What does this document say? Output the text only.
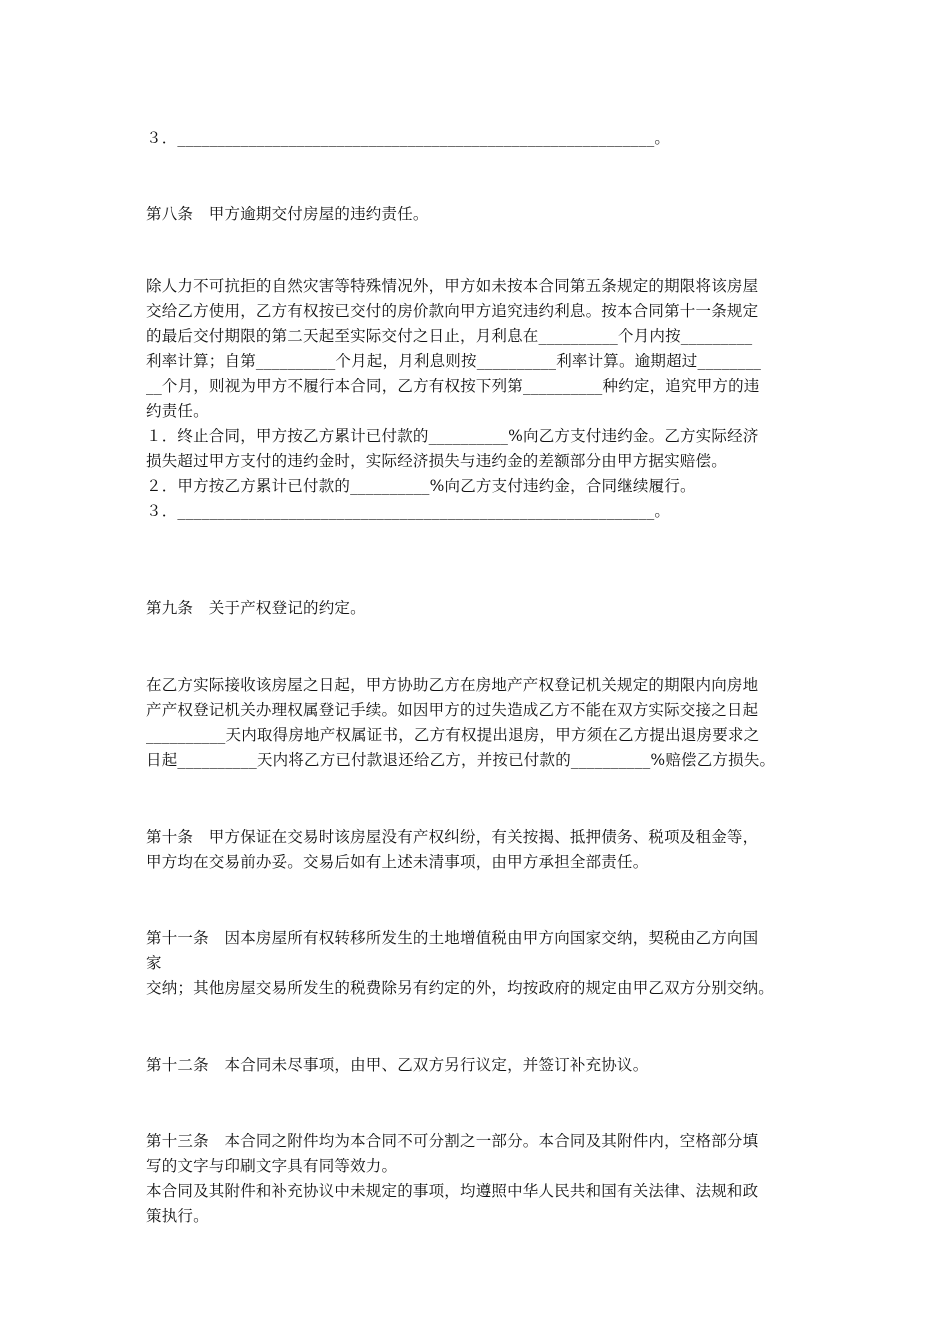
３．____________________________________________________________。
第八条　甲方逾期交付房屋的违约责任。
除人力不可抗拒的自然灾害等特殊情况外，甲方如未按本合同第五条规定的期限将该房屋
交给乙方使用，乙方有权按已交付的房价款向甲方追究违约利息。按本合同第十一条规定
的最后交付期限的第二天起至实际交付之日止，月利息在__________个月内按_________
利率计算；自第__________个月起，月利息则按__________利率计算。逾期超过________
__个月，则视为甲方不履行本合同，乙方有权按下列第__________种约定，追究甲方的违
约责任。
１．终止合同，甲方按乙方累计已付款的__________%向乙方支付违约金。乙方实际经济
损失超过甲方支付的违约金时，实际经济损失与违约金的差额部分由甲方据实赔偿。
２．甲方按乙方累计已付款的__________%向乙方支付违约金，合同继续履行。
３．____________________________________________________________。
第九条　关于产权登记的约定。
在乙方实际接收该房屋之日起，甲方协助乙方在房地产产权登记机关规定的期限内向房地
产产权登记机关办理权属登记手续。如因甲方的过失造成乙方不能在双方实际交接之日起
__________天内取得房地产权属证书，乙方有权提出退房，甲方须在乙方提出退房要求之
日起__________天内将乙方已付款退还给乙方，并按已付款的__________%赔偿乙方损失。
第十条　甲方保证在交易时该房屋没有产权纠纷，有关按揭、抵押债务、税项及租金等，
甲方均在交易前办妥。交易后如有上述未清事项，由甲方承担全部责任。
第十一条　因本房屋所有权转移所发生的土地增值税由甲方向国家交纳，契税由乙方向国
家
交纳；其他房屋交易所发生的税费除另有约定的外，均按政府的规定由甲乙双方分别交纳。
第十二条　本合同未尽事项，由甲、乙双方另行议定，并签订补充协议。
第十三条　本合同之附件均为本合同不可分割之一部分。本合同及其附件内，空格部分填
写的文字与印刷文字具有同等效力。
本合同及其附件和补充协议中未规定的事项，均遵照中华人民共和国有关法律、法规和政
策执行。
